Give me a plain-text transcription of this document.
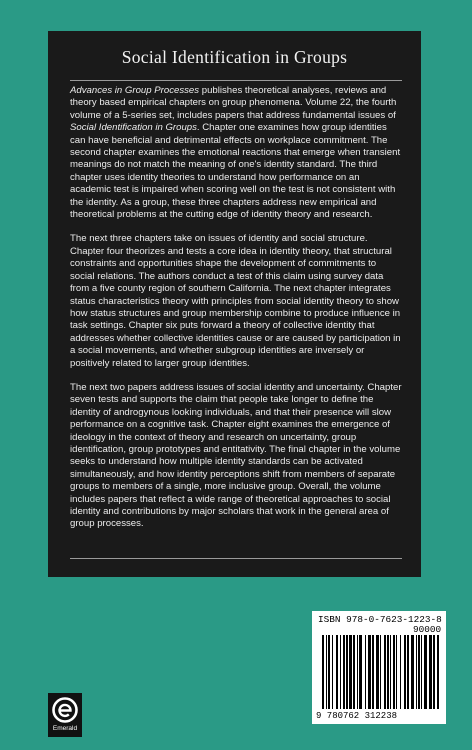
Social Identification in Groups

Advances in Group Processes publishes theoretical analyses, reviews and theory based empirical chapters on group phenomena. Volume 22, the fourth volume of a 5-series set, includes papers that address fundamental issues of Social Identification in Groups. Chapter one examines how group identities can have beneficial and detrimental effects on workplace commitment. The second chapter examines the emotional reactions that emerge when transient meanings do not match the meaning of one's identity standard. The third chapter uses identity theories to understand how performance on an academic test is impaired when scoring well on the test is not consistent with the identity. As a group, these three chapters address new empirical and theoretical problems at the cutting edge of identity theory and research.

The next three chapters take on issues of identity and social structure. Chapter four theorizes and tests a core idea in identity theory, that structural constraints and opportunities shape the development of commitments to social relations. The authors conduct a test of this claim using survey data from a five county region of southern California. The next chapter integrates status characteristics theory with principles from social identity theory to show how status structures and group membership combine to produce influence in task settings. Chapter six puts forward a theory of collective identity that addresses whether collective identities cause or are caused by participation in a social movements, and whether subgroup identities are inversely or positively related to larger group identities.

The next two papers address issues of social identity and uncertainty. Chapter seven tests and supports the claim that people take longer to define the identity of androgynous looking individuals, and that their presence will slow performance on a cognitive task. Chapter eight examines the emergence of ideology in the context of theory and research on uncertainty, group identification, group prototypes and entitativity. The final chapter in the volume seeks to understand how multiple identity standards can be activated simultaneously, and how identity perceptions shift from members of separate groups to members of a single, more inclusive group. Overall, the volume includes papers that reflect a wide range of theoretical approaches to social identity and contributions by major scholars that work in the general area of group processes.

Emerald
ISBN 978-0-7623-1223-8
90000
9 780762 312238
